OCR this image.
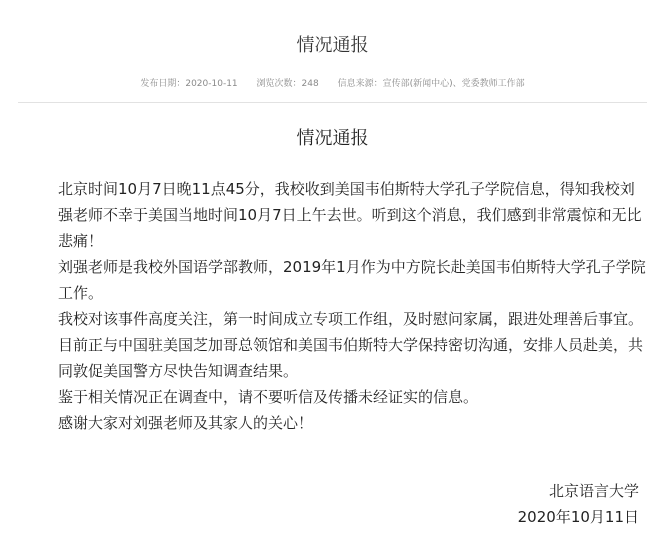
情况通报
发布日期：2020-10-11 浏览次数：248 信息来源：宣传部(新闻中心)、党委教师工作部
情况通报

北京时间10月7日晚11点45分，我校收到美国韦伯斯特大学孔子学院信息，得知我校刘强老师不幸于美国当地时间10月7日上午去世。听到这个消息，我们感到非常震惊和无比悲痛！

刘强老师是我校外国语学部教师，2019年1月作为中方院长赴美国韦伯斯特大学孔子学院工作。

我校对该事件高度关注，第一时间成立专项工作组，及时慰问家属，跟进处理善后事宜。目前正与中国驻美国芝加哥总领馆和美国韦伯斯特大学保持密切沟通，安排人员赴美，共同敦促美国警方尽快告知调查结果。

鉴于相关情况正在调查中，请不要听信及传播未经证实的信息。

感谢大家对刘强老师及其家人的关心！

北京语言大学
2020年10月11日
